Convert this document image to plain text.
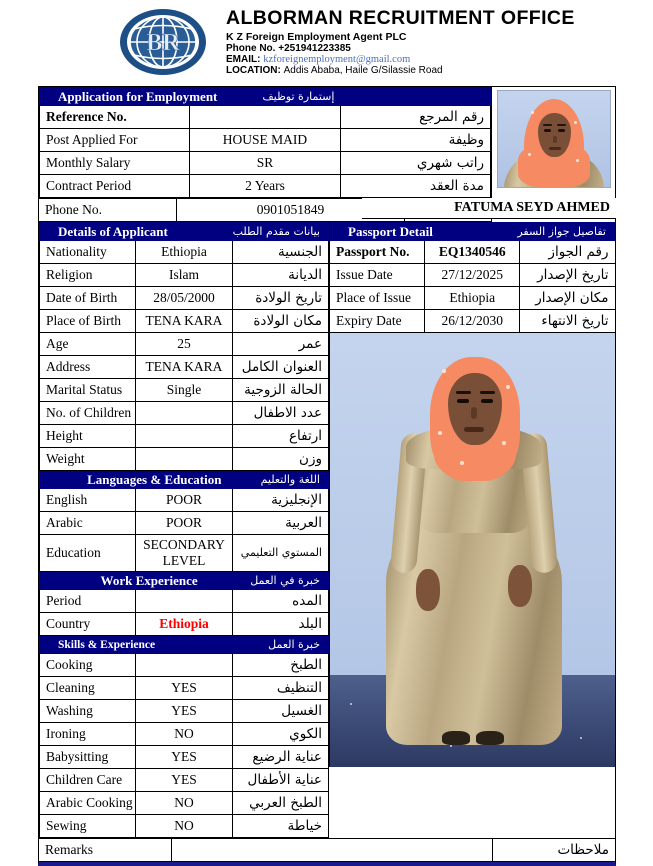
BR
ALBORMAN RECRUITMENT OFFICE
K Z Foreign Employment Agent PLC
Phone No. +251941223385
EMAIL: kzforeignemployment@gmail.com
LOCATION: Addis Ababa, Haile G/Silassie Road
Application for Employment إستمارة توظيف		

Reference No.		رقم المرجع
Post Applied For	HOUSE MAID	وظيفة
Monthly Salary	SR	راتب شهري
Contract Period	2 Years	مدة العقد
Phone No.	0901051849		FATUMA SEYD AHMED
Details of Applicant بيانات مقدم الطلب		

Nationality	Ethiopia	الجنسية
Religion	Islam	الديانة
Date of Birth	28/05/2000	تاريخ الولادة
Place of Birth	TENA KARA	مكان الولادة
Age	25	عمر
Address	TENA KARA	العنوان الكامل
Marital Status	Single	الحالة الزوجية
No. of Children		عدد الاطفال
Height		ارتفاع
Weight		وزن

Languages & Education اللغة والتعليم		

English	POOR	الإنجليزية
Arabic	POOR	العربية
Education	SECONDARY LEVEL	المستوي التعليمي

Work Experience خبرة في العمل		

Period		المده
Country	Ethiopia	البلد

Skills & Experience خبرة العمل		

Cooking		الطبخ
Cleaning	YES	التنظيف
Washing	YES	الغسيل
Ironing	NO	الكوي
Babysitting	YES	عناية الرضيع
Children Care	YES	عناية الأطفال
Arabic Cooking	NO	الطبخ العربي
Sewing	NO	خياطة
Passport Detail تفاصيل جواز السفر		

Passport No.	EQ1340546	رقم الجواز
Issue Date	27/12/2025	تاريخ الإصدار
Place of Issue	Ethiopia	مكان الإصدار
Expiry Date	26/12/2030	تاريخ الانتهاء
Remarks		ملاحظات
